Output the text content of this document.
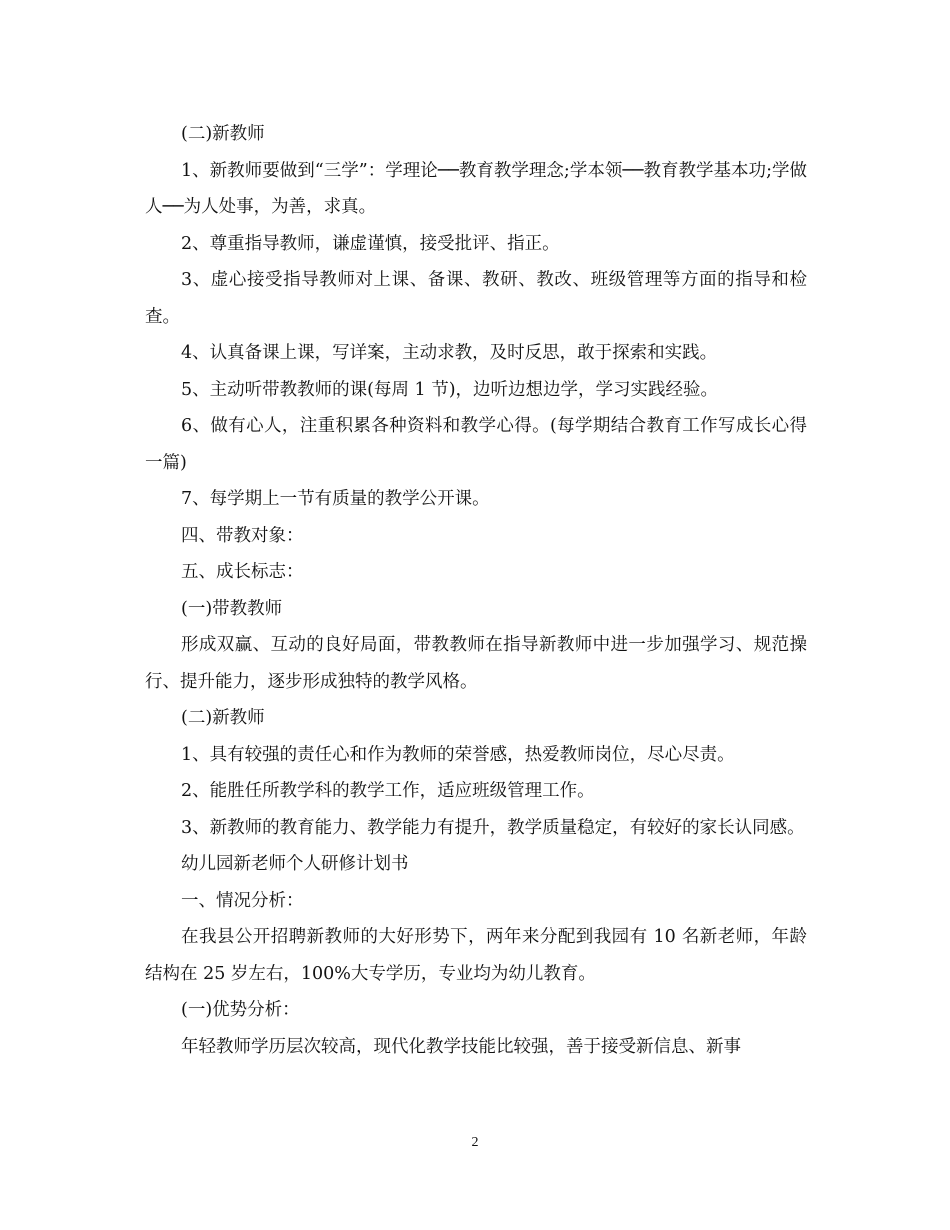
(二)新教师

1、新教师要做到“三学”：学理论──教育教学理念;学本领──教育教学基本功;学做人──为人处事，为善，求真。

2、尊重指导教师，谦虚谨慎，接受批评、指正。

3、虚心接受指导教师对上课、备课、教研、教改、班级管理等方面的指导和检查。

4、认真备课上课，写详案，主动求教，及时反思，敢于探索和实践。

5、主动听带教教师的课(每周 1 节)，边听边想边学，学习实践经验。

6、做有心人，注重积累各种资料和教学心得。(每学期结合教育工作写成长心得一篇)

7、每学期上一节有质量的教学公开课。

四、带教对象：

五、成长标志：

(一)带教教师

形成双赢、互动的良好局面，带教教师在指导新教师中进一步加强学习、规范操行、提升能力，逐步形成独特的教学风格。

(二)新教师

1、具有较强的责任心和作为教师的荣誉感，热爱教师岗位，尽心尽责。

2、能胜任所教学科的教学工作，适应班级管理工作。

3、新教师的教育能力、教学能力有提升，教学质量稳定，有较好的家长认同感。

幼儿园新老师个人研修计划书

一、情况分析：

在我县公开招聘新教师的大好形势下，两年来分配到我园有 10 名新老师，年龄结构在 25 岁左右，100%大专学历，专业均为幼儿教育。

(一)优势分析：

年轻教师学历层次较高，现代化教学技能比较强，善于接受新信息、新事

2
